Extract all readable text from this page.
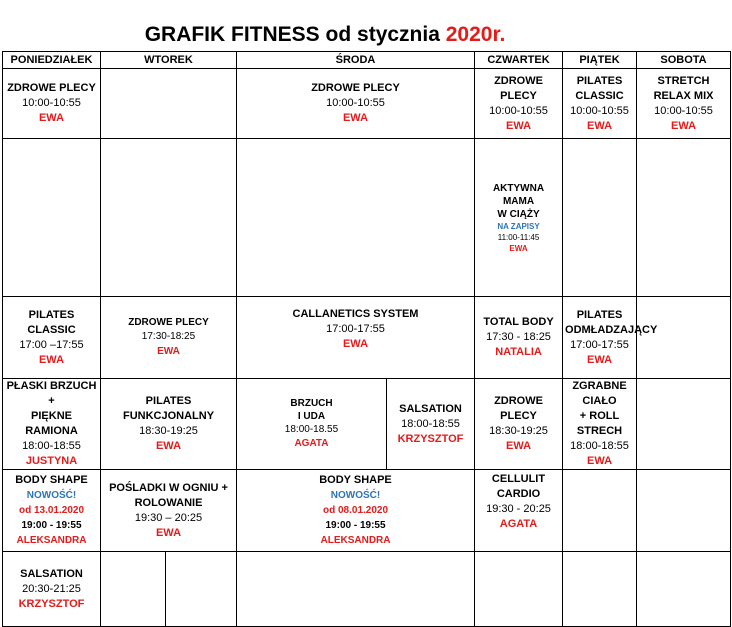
GRAFIK FITNESS od stycznia 2020r.
PONIEDZIAŁEK	WTOREK		ŚRODA		CZWARTEK	PIĄTEK	SOBOTA	

ZDROWE PLECY
10:00-10:55
EWA			ZDROWE PLECY
10:00-10:55
EWA		ZDROWE PLECY
10:00-10:55
EWA	PILATES CLASSIC
10:00-10:55
EWA	STRETCH
RELAX MIX
10:00-10:55
EWA	

					AKTYWNA MAMA
W CIĄŻY
NA ZAPISY
11:00-11:45
EWA

PILATES CLASSIC
17:00 –17:55
EWA	ZDROWE PLECY
17:30-18:25
EWA		CALLANETICS SYSTEM
17:00-17:55
EWA		TOTAL BODY
17:30 - 18:25
NATALIA	PILATES
ODMŁADZAJĄCY
17:00-17:55
EWA		

PŁASKI BRZUCH +
PIĘKNE RAMIONA
18:00-18:55
JUSTYNA	PILATES FUNKCJONALNY
18:30-19:25
EWA		BRZUCH
I UDA
18:00-18.55
AGATA	SALSATION
18:00-18:55
KRZYSZTOF	ZDROWE PLECY
18:30-19:25
EWA	ZGRABNE CIAŁO
+ ROLL STRECH
18:00-18:55
EWA		

BODY SHAPE
NOWOŚĆ!
od 13.01.2020
19:00 - 19:55
ALEKSANDRA	POŚLADKI W OGNIU +
ROLOWANIE
19:30 – 20:25
EWA		BODY SHAPE
NOWOŚĆ!
od 08.01.2020
19:00 - 19:55
ALEKSANDRA		CELLULIT
CARDIO
19:30 - 20:25
AGATA			

SALSATION
20:30-21:25
KRZYSZTOF								
